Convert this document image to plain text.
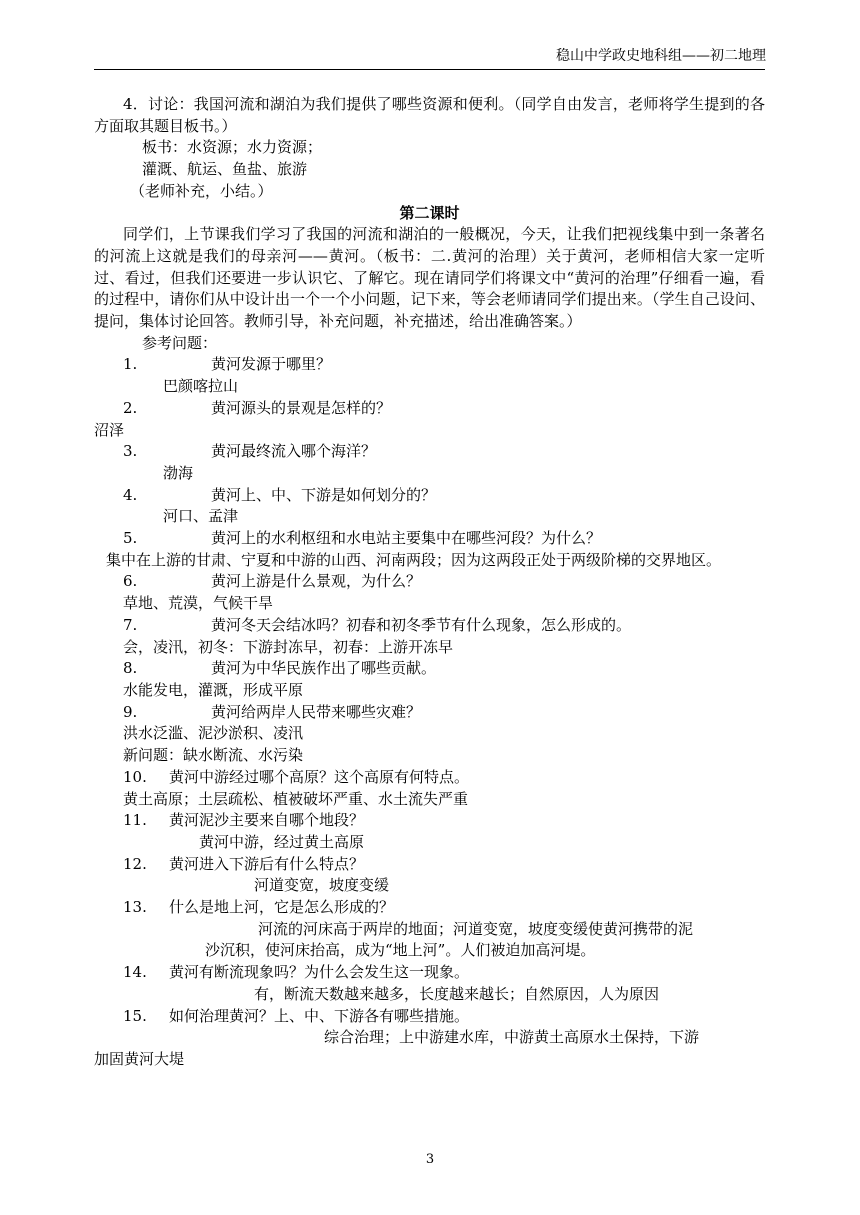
稳山中学政史地科组——初二地理

4．讨论：我国河流和湖泊为我们提供了哪些资源和便利。（同学自由发言，老师将学生提到的各方面取其题目板书。）

板书：水资源；水力资源；

灌溉、航运、鱼盐、旅游

（老师补充，小结。）

第二课时

同学们，上节课我们学习了我国的河流和湖泊的一般概况，今天，让我们把视线集中到一条著名的河流上这就是我们的母亲河——黄河。（板书：二.黄河的治理）关于黄河，老师相信大家一定听过、看过，但我们还要进一步认识它、了解它。现在请同学们将课文中“黄河的治理”仔细看一遍，看的过程中，请你们从中设计出一个一个小问题，记下来，等会老师请同学们提出来。（学生自己设问、提问，集体讨论回答。教师引导，补充问题，补充描述，给出准确答案。）

参考问题：

1.	黄河发源于哪里？

巴颜喀拉山

2.	黄河源头的景观是怎样的？

沼泽

3.	黄河最终流入哪个海洋？

渤海

4.	黄河上、中、下游是如何划分的？

河口、孟津

5.	黄河上的水利枢纽和水电站主要集中在哪些河段？为什么？

集中在上游的甘肃、宁夏和中游的山西、河南两段；因为这两段正处于两级阶梯的交界地区。

6.	黄河上游是什么景观，为什么？

草地、荒漠，气候干旱

7.	黄河冬天会结冰吗？初春和初冬季节有什么现象，怎么形成的。

会，凌汛，初冬：下游封冻早，初春：上游开冻早

8.	黄河为中华民族作出了哪些贡献。

水能发电，灌溉，形成平原

9.	黄河给两岸人民带来哪些灾难？

洪水泛滥、泥沙淤积、凌汛

新问题：缺水断流、水污染

10. 黄河中游经过哪个高原？这个高原有何特点。

黄土高原；土层疏松、植被破坏严重、水土流失严重

11. 黄河泥沙主要来自哪个地段？

黄河中游，经过黄土高原

12. 黄河进入下游后有什么特点？

河道变宽，坡度变缓

13. 什么是地上河，它是怎么形成的？

河流的河床高于两岸的地面；河道变宽，坡度变缓使黄河携带的泥

沙沉积，使河床抬高，成为“地上河”。人们被迫加高河堤。

14. 黄河有断流现象吗？为什么会发生这一现象。

有，断流天数越来越多，长度越来越长；自然原因，人为原因

15. 如何治理黄河？上、中、下游各有哪些措施。

综合治理；上中游建水库，中游黄土高原水土保持，下游

加固黄河大堤

3
